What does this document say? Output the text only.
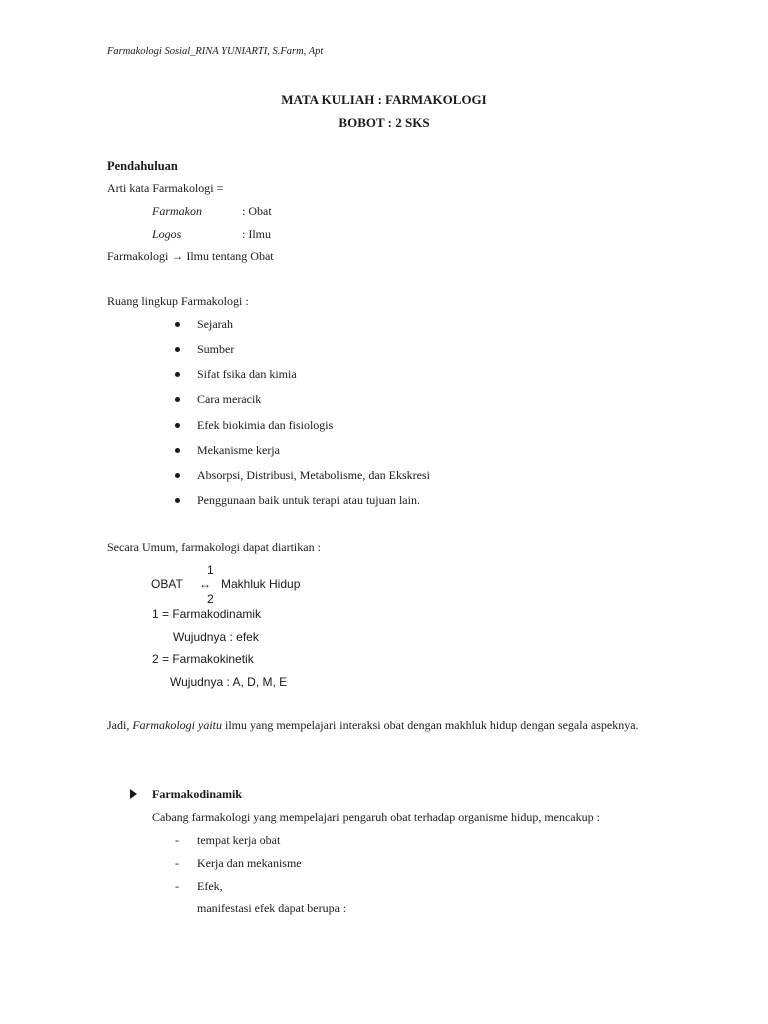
Farmakologi Sosial_RINA YUNIARTI, S.Farm, Apt
MATA KULIAH : FARMAKOLOGI
BOBOT : 2 SKS
Pendahuluan
Arti kata Farmakologi =
Farmakon	: Obat
Logos	: Ilmu
Farmakologi → Ilmu tentang Obat
Ruang lingkup Farmakologi :
Sejarah
Sumber
Sifat fsika dan kimia
Cara meracik
Efek biokimia dan fisiologis
Mekanisme kerja
Absorpsi, Distribusi, Metabolisme, dan Ekskresi
Penggunaan baik untuk terapi atau tujuan lain.
Secara Umum, farmakologi dapat diartikan :
1
OBAT ↔ Makhluk Hidup
2
1 = Farmakodinamik
Wujudnya : efek
2 = Farmakokinetik
Wujudnya : A, D, M, E
Jadi, Farmakologi yaitu ilmu yang mempelajari interaksi obat dengan makhluk hidup dengan segala aspeknya.
Farmakodinamik
Cabang farmakologi yang mempelajari pengaruh obat terhadap organisme hidup, mencakup :
- tempat kerja obat
- Kerja dan mekanisme
- Efek,
manifestasi efek dapat berupa :
